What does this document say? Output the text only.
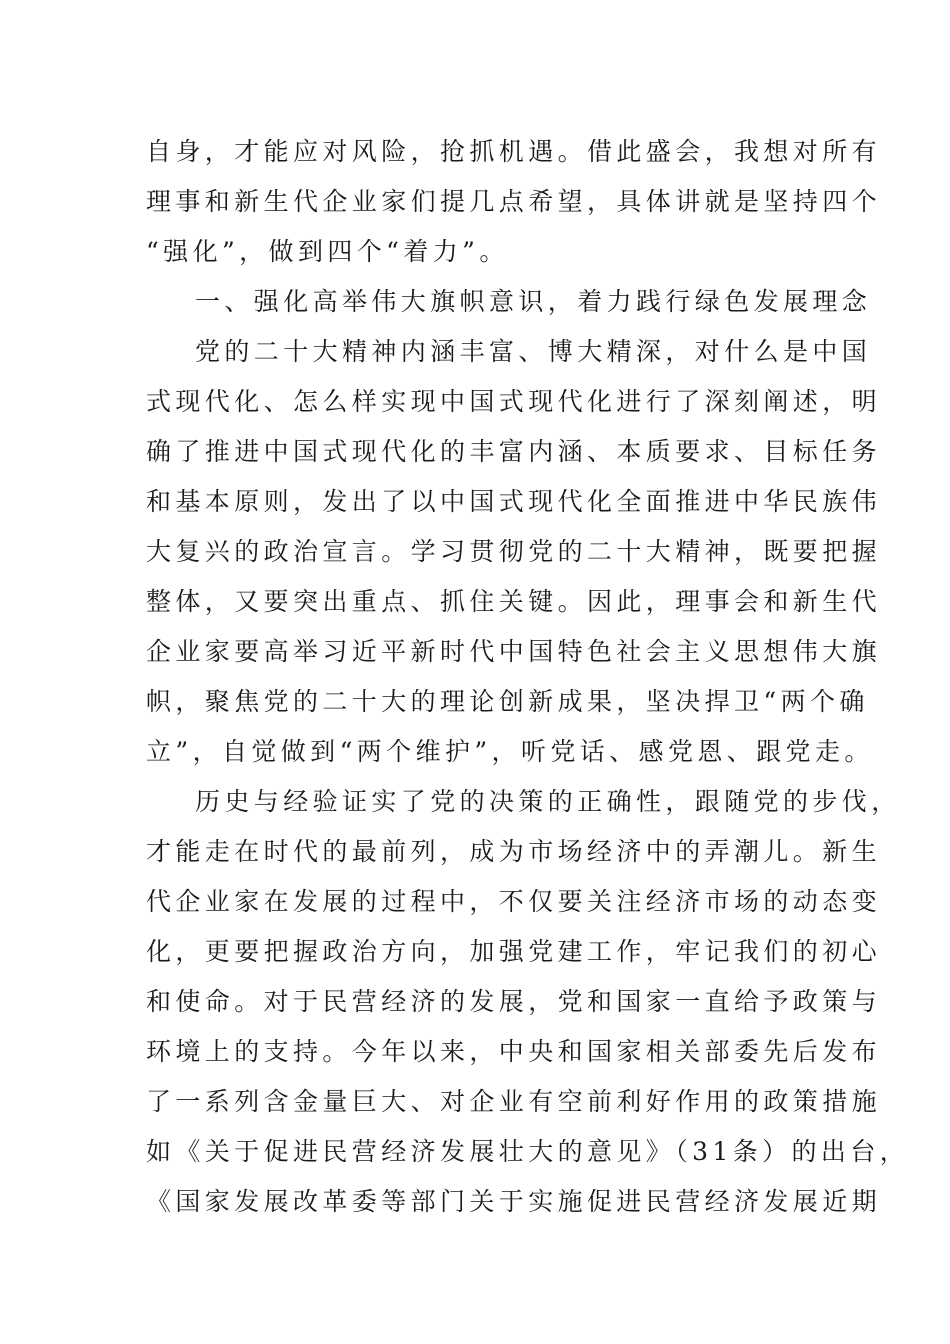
自身，才能应对风险，抢抓机遇。借此盛会，我想对所有
理事和新生代企业家们提几点希望，具体讲就是坚持四个
“强化”，做到四个“着力”。
一、强化高举伟大旗帜意识，着力践行绿色发展理念
党的二十大精神内涵丰富、博大精深，对什么是中国
式现代化、怎么样实现中国式现代化进行了深刻阐述，明
确了推进中国式现代化的丰富内涵、本质要求、目标任务
和基本原则，发出了以中国式现代化全面推进中华民族伟
大复兴的政治宣言。学习贯彻党的二十大精神，既要把握
整体，又要突出重点、抓住关键。因此，理事会和新生代
企业家要高举习近平新时代中国特色社会主义思想伟大旗
帜，聚焦党的二十大的理论创新成果，坚决捍卫“两个确
立”，自觉做到“两个维护”，听党话、感党恩、跟党走。
历史与经验证实了党的决策的正确性，跟随党的步伐，
才能走在时代的最前列，成为市场经济中的弄潮儿。新生
代企业家在发展的过程中，不仅要关注经济市场的动态变
化，更要把握政治方向，加强党建工作，牢记我们的初心
和使命。对于民营经济的发展，党和国家一直给予政策与
环境上的支持。今年以来，中央和国家相关部委先后发布
了一系列含金量巨大、对企业有空前利好作用的政策措施
如《关于促进民营经济发展壮大的意见》（31条）的出台，
《国家发展改革委等部门关于实施促进民营经济发展近期
